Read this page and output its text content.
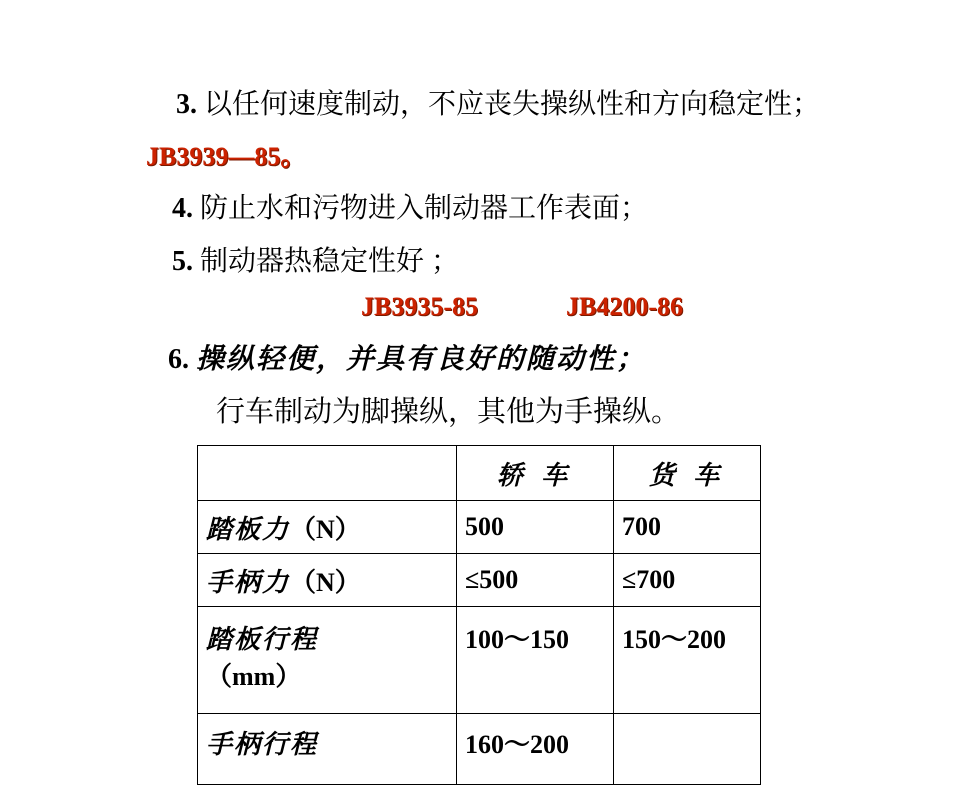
3. 以任何速度制动，不应丧失操纵性和方向稳定性；
JB3939—85。
4. 防止水和污物进入制动器工作表面；
5. 制动器热稳定性好 ；
JB3935-85	JB4200-86
6. 操纵轻便，并具有良好的随动性；
行车制动为脚操纵，其他为手操纵。
	轿 车	货 车
踏板力（N）	500	700
手柄力（N）	≤500	≤700

踏板行程
（mm）	100～150	150～200
手柄行程	160～200	
